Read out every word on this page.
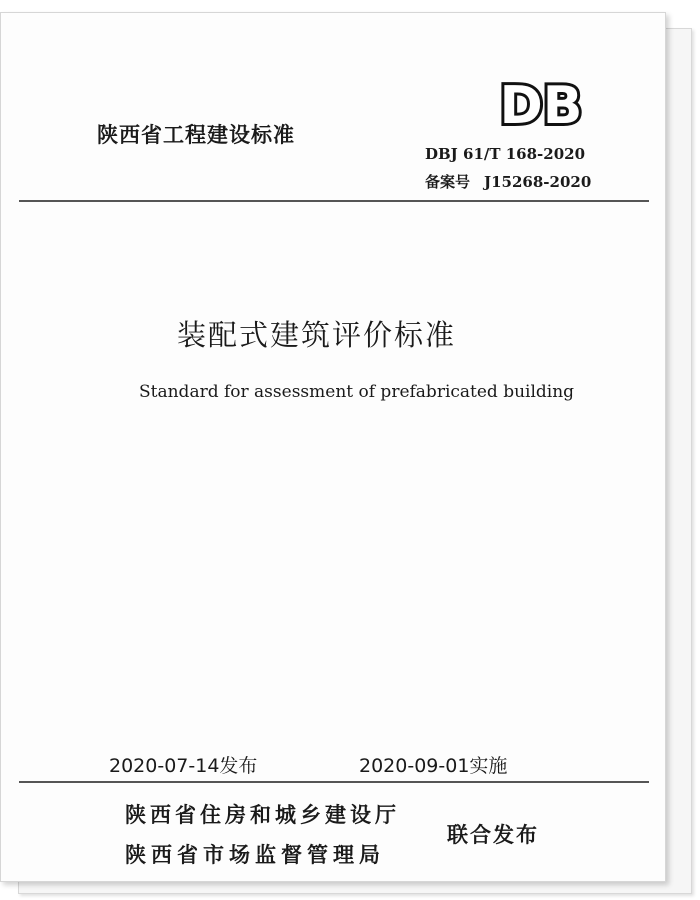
陕西省工程建设标准	DB
DBJ 61/T 168-2020
备案号 J15268-2020
装配式建筑评价标准
Standard for assessment of prefabricated building
2020-07-14发布	2020-09-01实施
陕西省住房和城乡建设厅
陕西省市场监督管理局
联合发布
